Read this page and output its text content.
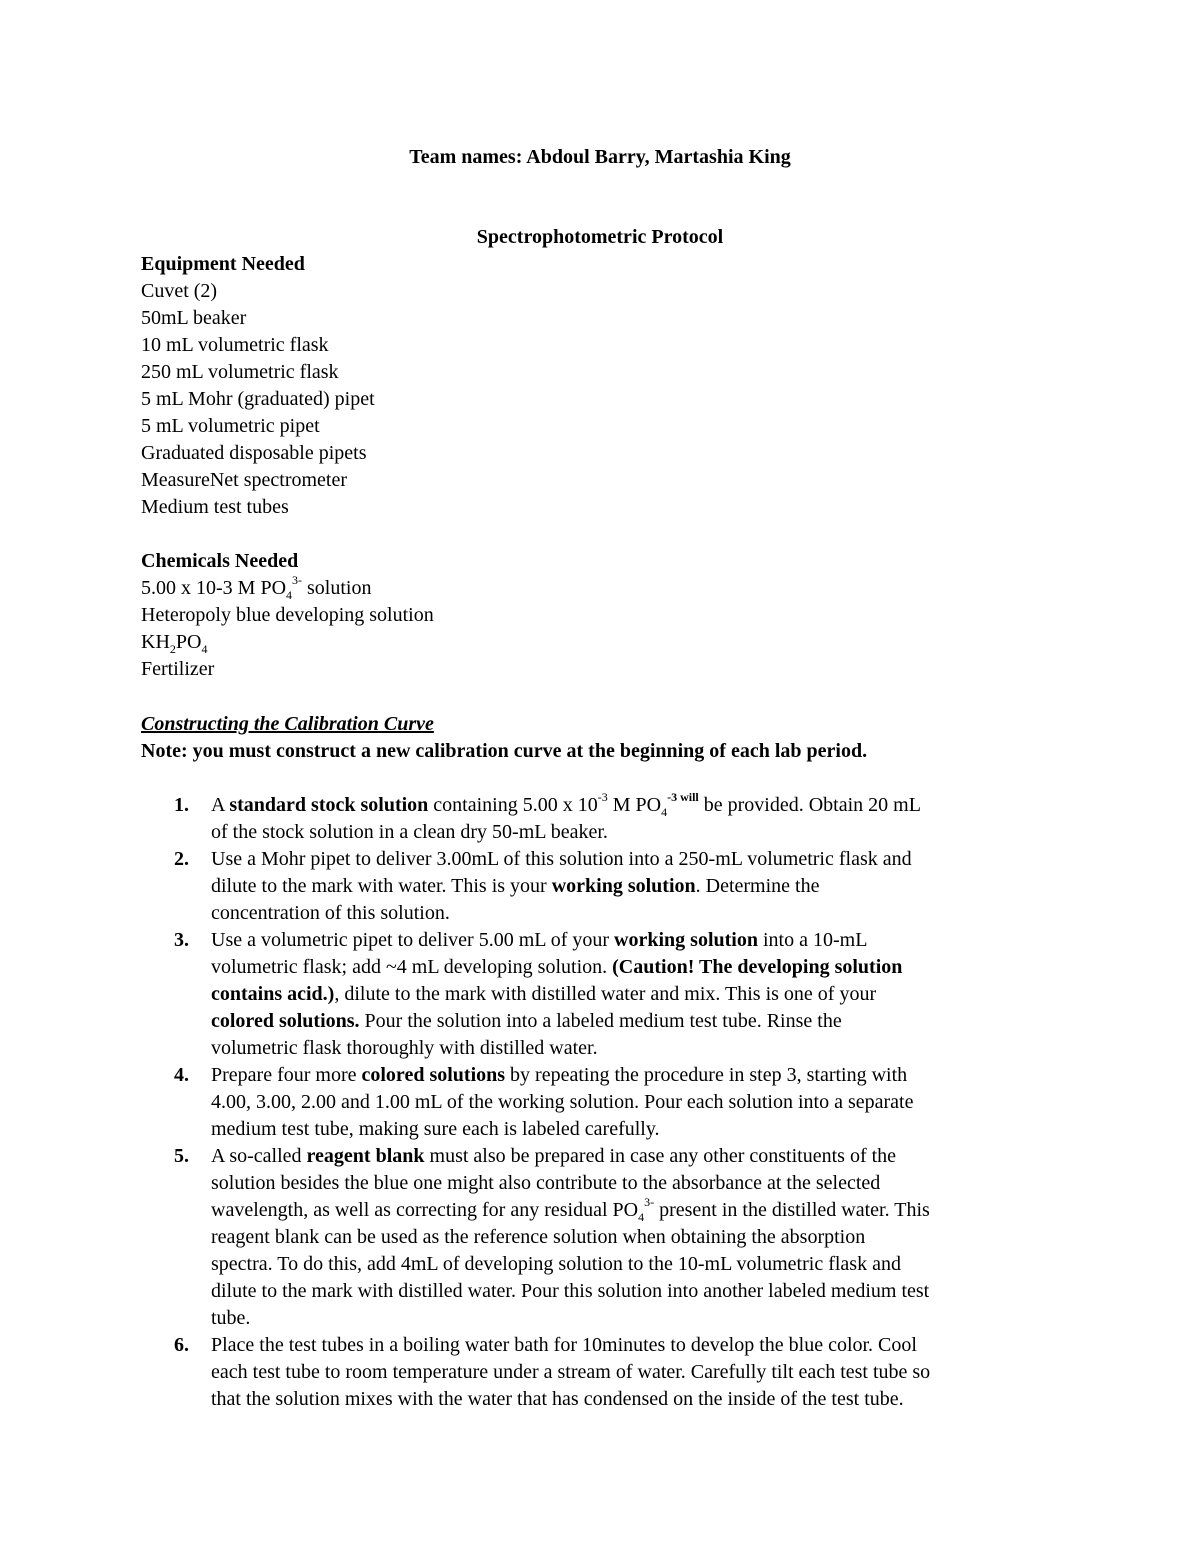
Team names: Abdoul Barry, Martashia King
Spectrophotometric Protocol
Equipment Needed
Cuvet (2)
50mL beaker
10 mL volumetric flask
250 mL volumetric flask
5 mL Mohr (graduated) pipet
5 mL volumetric pipet
Graduated disposable pipets
MeasureNet spectrometer
Medium test tubes
Chemicals Needed
5.00 x 10-3 M $PO_4^{3-}$ solution
Heteropoly blue developing solution
$KH_2PO_4$
Fertilizer
Constructing the Calibration Curve
Note: you must construct a new calibration curve at the beginning of each lab period.
1. A standard stock solution containing 5.00 x $10^{-3}$ M $PO_4^{-3 will}$ be provided. Obtain 20 mL
of the stock solution in a clean dry 50-mL beaker.
2. Use a Mohr pipet to deliver 3.00mL of this solution into a 250-mL volumetric flask and
dilute to the mark with water. This is your working solution. Determine the
concentration of this solution.
3. Use a volumetric pipet to deliver 5.00 mL of your working solution into a 10-mL
volumetric flask; add ~4 mL developing solution. (Caution! The developing solution
contains acid.), dilute to the mark with distilled water and mix. This is one of your
colored solutions. Pour the solution into a labeled medium test tube. Rinse the
volumetric flask thoroughly with distilled water.
4. Prepare four more colored solutions by repeating the procedure in step 3, starting with
4.00, 3.00, 2.00 and 1.00 mL of the working solution. Pour each solution into a separate
medium test tube, making sure each is labeled carefully.
5. A so-called reagent blank must also be prepared in case any other constituents of the
solution besides the blue one might also contribute to the absorbance at the selected
wavelength, as well as correcting for any residual $PO_4^{3-}$ present in the distilled water. This
reagent blank can be used as the reference solution when obtaining the absorption
spectra. To do this, add 4mL of developing solution to the 10-mL volumetric flask and
dilute to the mark with distilled water. Pour this solution into another labeled medium test
tube.
6. Place the test tubes in a boiling water bath for 10minutes to develop the blue color. Cool
each test tube to room temperature under a stream of water. Carefully tilt each test tube so
that the solution mixes with the water that has condensed on the inside of the test tube.
